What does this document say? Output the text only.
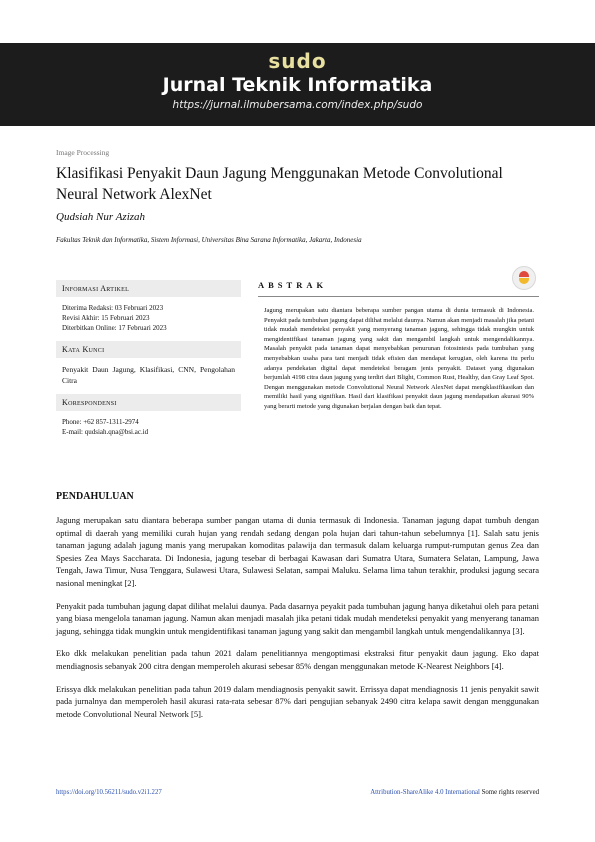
sudo
Jurnal Teknik Informatika
https://jurnal.ilmubersama.com/index.php/sudo
Image Processing
Klasifikasi Penyakit Daun Jagung Menggunakan Metode Convolutional Neural Network AlexNet
Qudsiah Nur Azizah
Fakultas Teknik dan Informatika, Sistem Informasi, Universitas Bina Sarana Informatika, Jakarta, Indonesia
Informasi Artikel
Diterima Redaksi: 03 Februari 2023
Revisi Akhir: 15 Februari 2023
Diterbitkan Online: 17 Februari 2023
Kata Kunci
Penyakit Daun Jagung, Klasifikasi, CNN, Pengolahan Citra
Korespondensi
Phone: +62 857-1311-2974
E-mail: qudsiah.qna@bsi.ac.id
ABSTRAK
Jagung merupakan satu diantara beberapa sumber pangan utama di dunia termasuk di Indonesia. Penyakit pada tumbuhan jagung dapat dilihat melalui daunya. Namun akan menjadi masalah jika petani tidak mudah mendeteksi penyakit yang menyerang tanaman jagung, sehingga tidak mungkin untuk mengidentifikasi tanaman jagung yang sakit dan mengambil langkah untuk mengendalikannya. Masalah penyakit pada tanaman dapat menyebabkan penurunan fotosintesis pada tumbuhan yang menyebabkan usaha para tani menjadi tidak efisien dan mendapat kerugian, oleh karena itu perlu adanya pendekatan digital dapat mendeteksi beragam jenis penyakit. Dataset yang digunakan berjumlah 4198 citra daun jagung yang terdiri dari Blight, Common Rust, Healthy, dan Gray Leaf Spot. Dengan menggunakan metode Convolutional Neural Network AlexNet dapat mengklasifikasikan dan memiliki hasil yang signifikan. Hasil dari klasifikasi penyakit daun jagung mendapatkan akurasi 90% yang berarti metode yang digunakan berjalan dengan baik dan tepat.
PENDAHULUAN

Jagung merupakan satu diantara beberapa sumber pangan utama di dunia termasuk di Indonesia. Tanaman jagung dapat tumbuh dengan optimal di daerah yang memiliki curah hujan yang rendah sedang dengan pola hujan dari tahun-tahun sebelumnya [1]. Salah satu jenis tanaman jagung adalah jagung manis yang merupakan komoditas palawija dan termasuk dalam keluarga rumput-rumputan genus Zea dan Spesies Zea Mays Saccharata. Di Indonesia, jagung tesebar di berbagai Kawasan dari Sumatra Utara, Sumatera Selatan, Lampung, Jawa Tengah, Jawa Timur, Nusa Tenggara, Sulawesi Utara, Sulawesi Selatan, sampai Maluku. Selama lima tahun terakhir, produksi jagung secara nasional meningkat [2].

Penyakit pada tumbuhan jagung dapat dilihat melalui daunya. Pada dasarnya peyakit pada tumbuhan jagung hanya diketahui oleh para petani yang biasa mengelola tanaman jagung. Namun akan menjadi masalah jika petani tidak mudah mendeteksi penyakit yang menyerang tanaman jagung, sehingga tidak mungkin untuk mengidentifikasi tanaman jagung yang sakit dan mengambil langkah untuk mengendalikannya [3].

Eko dkk melakukan penelitian pada tahun 2021 dalam penelitiannya mengoptimasi ekstraksi fitur penyakit daun jagung. Eko dapat mendiagnosis sebanyak 200 citra dengan memperoleh akurasi sebesar 85% dengan menggunakan metode K-Nearest Neighbors [4].

Erissya dkk melakukan penelitian pada tahun 2019 dalam mendiagnosis penyakit sawit. Errissya dapat mendiagnosis 11 jenis penyakit sawit pada jurnalnya dan memperoleh hasil akurasi rata-rata sebesar 87% dari pengujian sebanyak 2490 citra kelapa sawit dengan menggunakan metode Convolutional Neural Network [5].

https://doi.org/10.56211/sudo.v2i1.227	Attribution-ShareAlike 4.0 International Some rights reserved
